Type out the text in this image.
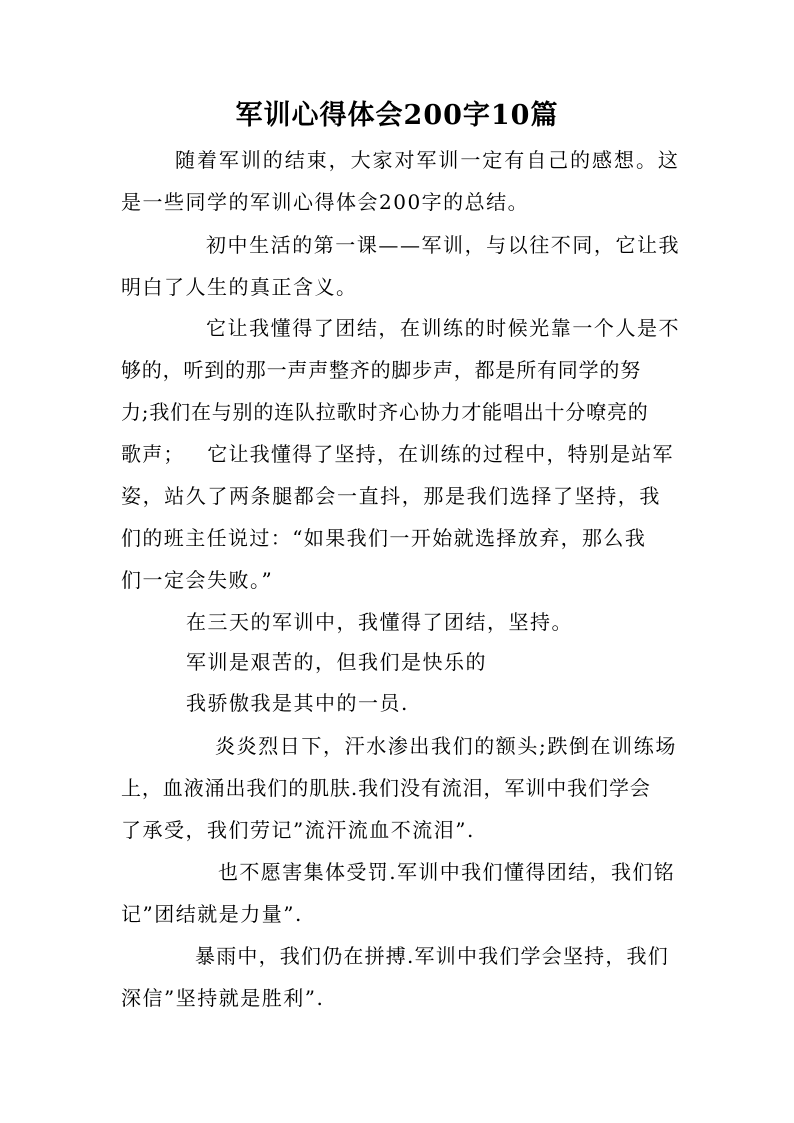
军训心得体会200字10篇
随着军训的结束，大家对军训一定有自己的感想。这
是一些同学的军训心得体会200字的总结。
初中生活的第一课——军训，与以往不同，它让我
明白了人生的真正含义。
它让我懂得了团结，在训练的时候光靠一个人是不
够的，听到的那一声声整齐的脚步声，都是所有同学的努
力;我们在与别的连队拉歌时齐心协力才能唱出十分嘹亮的
歌声；   它让我懂得了坚持，在训练的过程中，特别是站军
姿，站久了两条腿都会一直抖，那是我们选择了坚持，我
们的班主任说过：“如果我们一开始就选择放弃，那么我
们一定会失败。”
在三天的军训中，我懂得了团结，坚持。
军训是艰苦的，但我们是快乐的
我骄傲我是其中的一员.
炎炎烈日下，汗水渗出我们的额头;跌倒在训练场
上，血液涌出我们的肌肤.我们没有流泪，军训中我们学会
了承受，我们劳记”流汗流血不流泪”.
也不愿害集体受罚.军训中我们懂得团结，我们铭
记”团结就是力量”.
暴雨中，我们仍在拼搏.军训中我们学会坚持，我们
深信”坚持就是胜利”.
